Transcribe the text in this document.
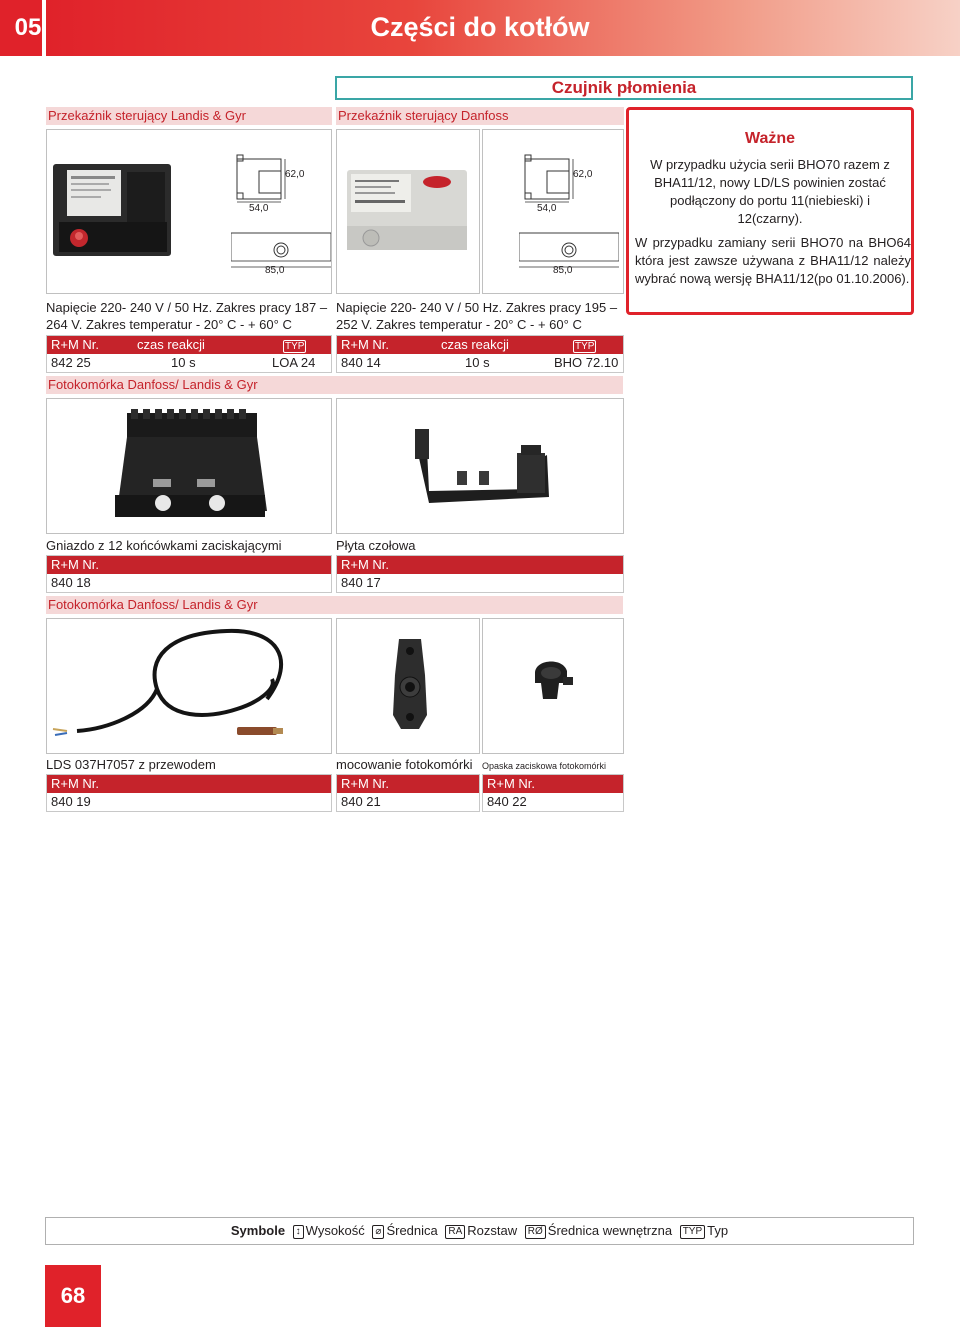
05	Części do kotłów
Czujnik płomienia
Przekaźnik sterujący Landis & Gyr
62,0
54,0
85,0
Napięcie 220- 240 V / 50 Hz. Zakres pracy 187 –
264 V. Zakres temperatur - 20° C - + 60° C
R+M Nr.	czas reakcji	TYP
842 25	10 s	LOA 24
Przekaźnik sterujący Danfoss
62,0
54,0
85,0
Napięcie 220- 240 V / 50 Hz. Zakres pracy 195 –
252 V. Zakres temperatur - 20° C - + 60° C
R+M Nr.	czas reakcji	TYP
840 14	10 s	BHO 72.10
Ważne
W przypadku użycia serii BHO70 razem z BHA11/12, nowy LD/LS powinien zostać podłączony do portu 11(niebieski) i 12(czarny).
W przypadku zamiany serii BHO70 na BHO64 która jest zawsze używana z BHA11/12 należy wybrać nową wersję BHA11/12(po 01.10.2006).
Fotokomórka Danfoss/ Landis & Gyr
Gniazdo z 12 końcówkami zaciskającymi
R+M Nr.
840 18
Płyta czołowa
R+M Nr.
840 17
Fotokomórka Danfoss/ Landis & Gyr
LDS 037H7057 z przewodem
R+M Nr.
840 19
mocowanie fotokomórki
R+M Nr.
840 21
Opaska zaciskowa fotokomórki
R+M Nr.
840 22
Symbole ↕ Wysokość ⌀ Średnica RA Rozstaw RØ Średnica wewnętrzna TYP Typ
68
